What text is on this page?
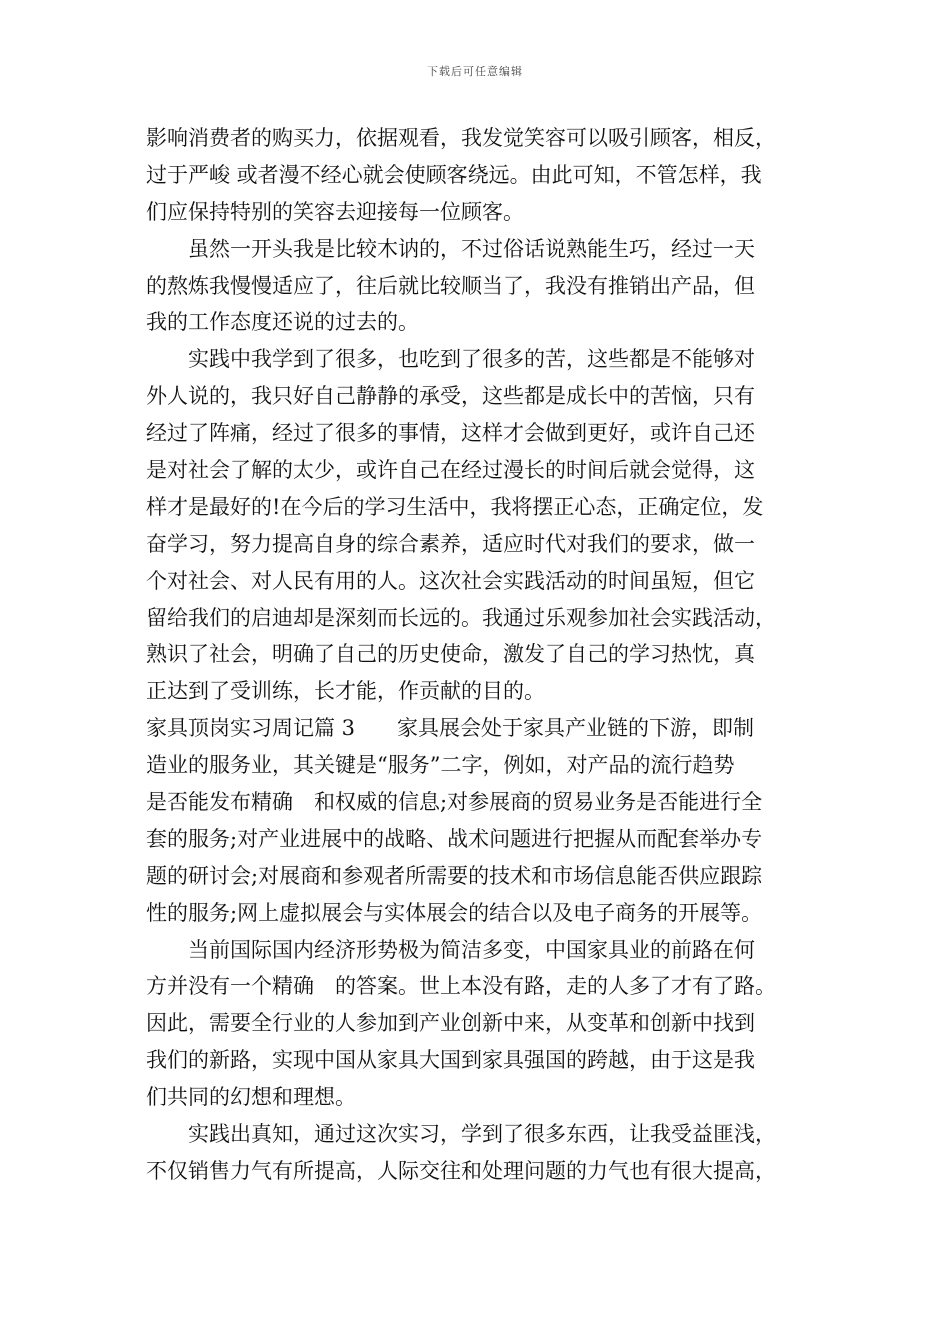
下载后可任意编辑
影响消费者的购买力，依据观看，我发觉笑容可以吸引顾客，相反，
过于严峻 或者漫不经心就会使顾客绕远。由此可知，不管怎样，我
们应保持特别的笑容去迎接每一位顾客。
　　虽然一开头我是比较木讷的，不过俗话说熟能生巧，经过一天
的熬炼我慢慢适应了，往后就比较顺当了，我没有推销出产品，但
我的工作态度还说的过去的。
　　实践中我学到了很多，也吃到了很多的苦，这些都是不能够对
外人说的，我只好自己静静的承受，这些都是成长中的苦恼，只有
经过了阵痛，经过了很多的事情，这样才会做到更好，或许自己还
是对社会了解的太少，或许自己在经过漫长的时间后就会觉得，这
样才是最好的!在今后的学习生活中，我将摆正心态，正确定位，发
奋学习，努力提高自身的综合素养，适应时代对我们的要求，做一
个对社会、对人民有用的人。这次社会实践活动的时间虽短，但它
留给我们的启迪却是深刻而长远的。我通过乐观参加社会实践活动，
熟识了社会，明确了自己的历史使命，激发了自己的学习热忱，真
正达到了受训练，长才能，作贡献的目的。
家具顶岗实习周记篇 3　　家具展会处于家具产业链的下游，即制
造业的服务业，其关键是“服务”二字，例如，对产品的流行趋势
是否能发布精确　和权威的信息;对参展商的贸易业务是否能进行全
套的服务;对产业进展中的战略、战术问题进行把握从而配套举办专
题的研讨会;对展商和参观者所需要的技术和市场信息能否供应跟踪
性的服务;网上虚拟展会与实体展会的结合以及电子商务的开展等。
　　当前国际国内经济形势极为简洁多变，中国家具业的前路在何
方并没有一个精确　的答案。世上本没有路，走的人多了才有了路。
因此，需要全行业的人参加到产业创新中来，从变革和创新中找到
我们的新路，实现中国从家具大国到家具强国的跨越，由于这是我
们共同的幻想和理想。
　　实践出真知，通过这次实习，学到了很多东西，让我受益匪浅，
不仅销售力气有所提高，人际交往和处理问题的力气也有很大提高，
